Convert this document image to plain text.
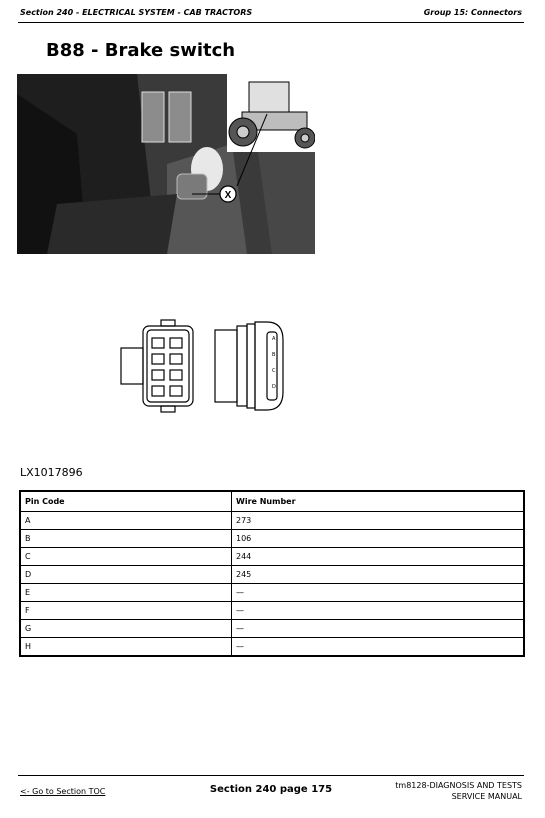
Section 240 - ELECTRICAL SYSTEM - CAB TRACTORS	Group 15: Connectors
B88 - Brake switch
X
A
B
C
D
LX1017896
Pin Code	Wire Number
A	273
B	106
C	244
D	245
E	—
F	—
G	—
H	—
<- Go to Section TOC	Section 240 page 175	tm8128-DIAGNOSIS AND TESTS
SERVICE MANUAL
